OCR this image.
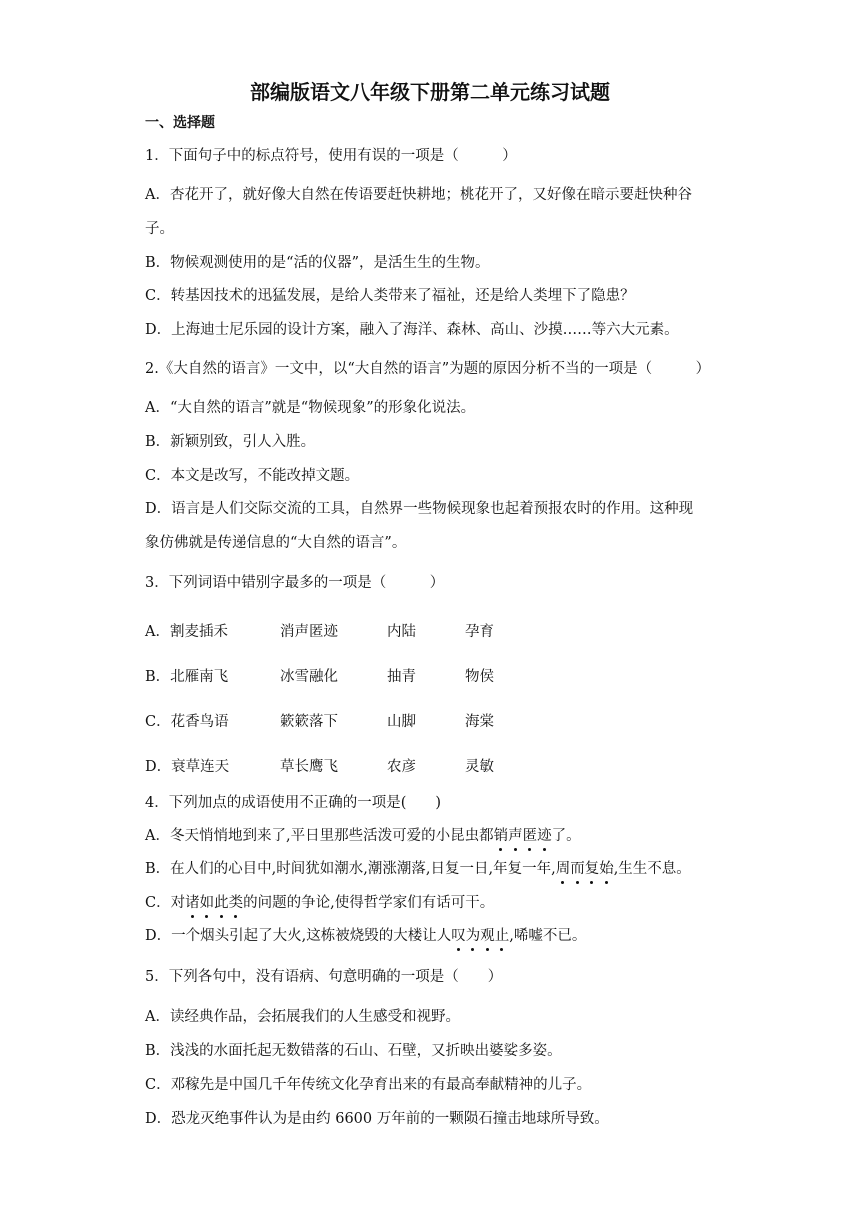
部编版语文八年级下册第二单元练习试题
一、选择题
1．下面句子中的标点符号，使用有误的一项是（　　　）
A．杏花开了，就好像大自然在传语要赶快耕地；桃花开了，又好像在暗示要赶快种谷
子。
B．物候观测使用的是“活的仪器”，是活生生的生物。
C．转基因技术的迅猛发展，是给人类带来了福祉，还是给人类埋下了隐患？
D．上海迪士尼乐园的设计方案，融入了海洋、森林、高山、沙摸……等六大元素。
2.《大自然的语言》一文中，以“大自然的语言”为题的原因分析不当的一项是（　　　）
A．“大自然的语言”就是“物候现象”的形象化说法。
B．新颖别致，引人入胜。
C．本文是改写，不能改掉文题。
D．语言是人们交际交流的工具，自然界一些物候现象也起着预报农时的作用。这种现
象仿佛就是传递信息的“大自然的语言”。
3．下列词语中错别字最多的一项是（　　　）
A．割麦插禾	消声匿迹	内陆	孕育
B．北雁南飞	冰雪融化	抽青	物侯
C．花香鸟语	簌簌落下	山脚	海棠
D．衰草连天	草长鹰飞	农彦	灵敏
4．下列加点的成语使用不正确的一项是(　　)
A．冬天悄悄地到来了,平日里那些活泼可爱的小昆虫都销声匿迹了。
B．在人们的心目中,时间犹如潮水,潮涨潮落,日复一日,年复一年,周而复始,生生不息。
C．对诸如此类的问题的争论,使得哲学家们有话可干。
D．一个烟头引起了大火,这栋被烧毁的大楼让人叹为观止,唏嘘不已。
5．下列各句中，没有语病、句意明确的一项是（　　）
A．读经典作品，会拓展我们的人生感受和视野。
B．浅浅的水面托起无数错落的石山、石壁，又折映出婆娑多姿。
C．邓稼先是中国几千年传统文化孕育出来的有最高奉献精神的儿子。
D．恐龙灭绝事件认为是由约 6600 万年前的一颗陨石撞击地球所导致。
